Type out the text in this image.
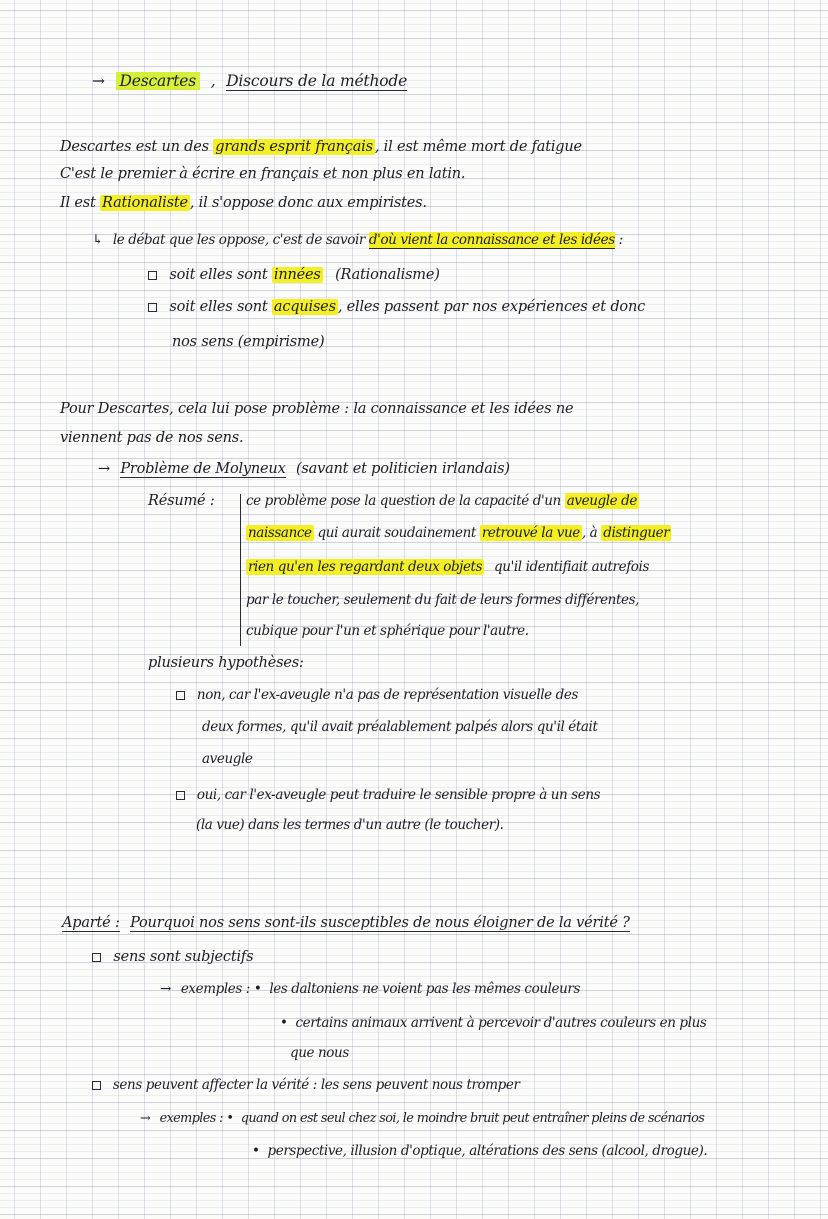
→ Descartes , Discours de la méthode
Descartes est un des grands esprit français , il est même mort de fatigue
C'est le premier à écrire en français et non plus en latin.
Il est Rationaliste , il s'oppose donc aux empiristes.
↳ le débat que les oppose, c'est de savoir d'où vient la connaissance et les idées :
soit elles sont innées (Rationalisme)
soit elles sont acquises , elles passent par nos expériences et donc
nos sens (empirisme)
Pour Descartes, cela lui pose problème : la connaissance et les idées ne
viennent pas de nos sens.
→ Problème de Molyneux (savant et politicien irlandais)
Résumé : ce problème pose la question de la capacité d'un aveugle de
naissance qui aurait soudainement retrouvé la vue , à distinguer
rien qu'en les regardant deux objets qu'il identifiait autrefois
par le toucher, seulement du fait de leurs formes différentes,
cubique pour l'un et sphérique pour l'autre.
plusieurs hypothèses:
non, car l'ex-aveugle n'a pas de représentation visuelle des
deux formes, qu'il avait préalablement palpés alors qu'il était
aveugle
oui, car l'ex-aveugle peut traduire le sensible propre à un sens
(la vue) dans les termes d'un autre (le toucher).
Aparté : Pourquoi nos sens sont-ils susceptibles de nous éloigner de la vérité ?
sens sont subjectifs
→ exemples : • les daltoniens ne voient pas les mêmes couleurs
• certains animaux arrivent à percevoir d'autres couleurs en plus
que nous
sens peuvent affecter la vérité : les sens peuvent nous tromper
→ exemples : • quand on est seul chez soi, le moindre bruit peut entraîner pleins de scénarios
• perspective, illusion d'optique, altérations des sens (alcool, drogue).
